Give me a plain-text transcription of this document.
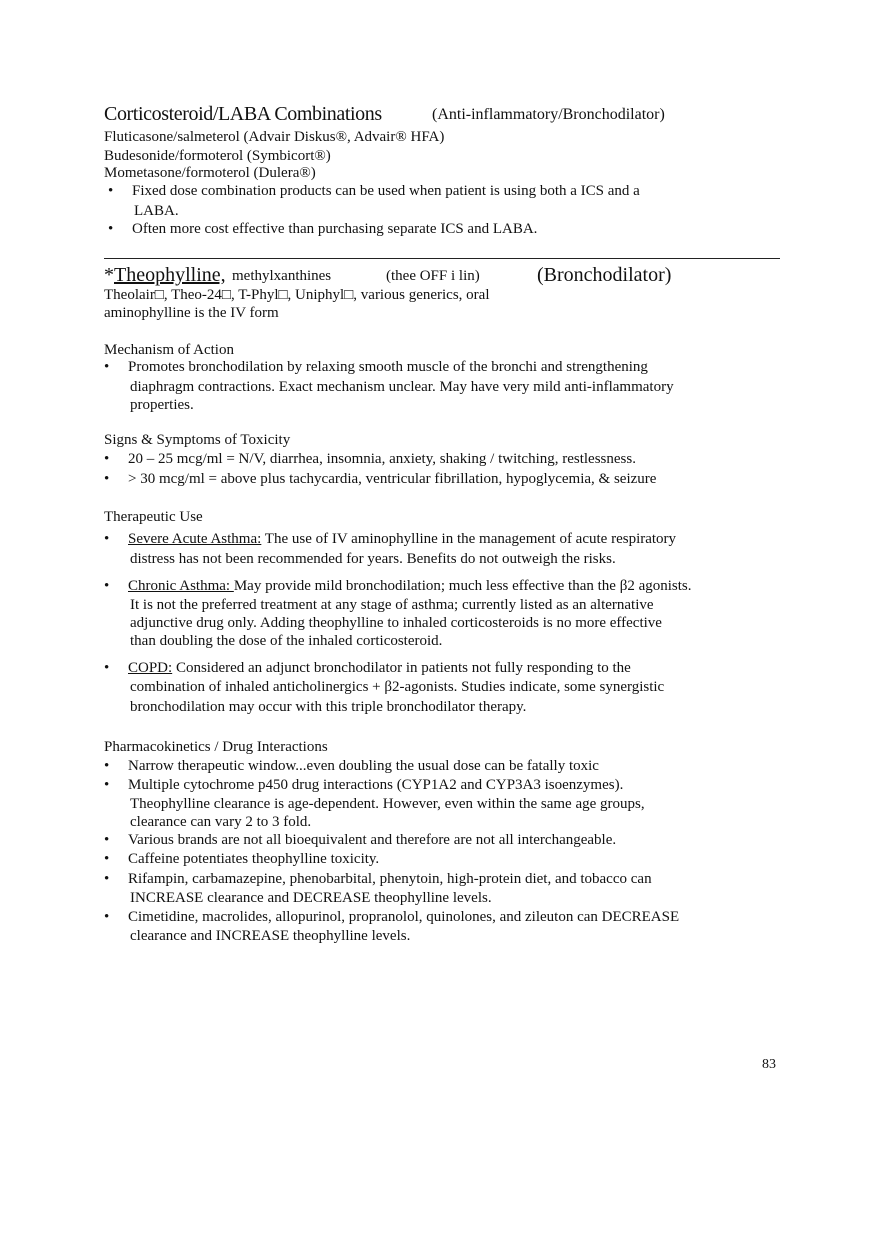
Corticosteroid/LABA Combinations	(Anti-inflammatory/Bronchodilator)
Fluticasone/salmeterol (Advair Diskus®, Advair® HFA)
Budesonide/formoterol (Symbicort®)
Mometasone/formoterol (Dulera®)
• Fixed dose combination products can be used when patient is using both a ICS and a
LABA.
• Often more cost effective than purchasing separate ICS and LABA.
* Theophylline, methylxanthines	(thee OFF i lin)	(Bronchodilator)
Theolair□, Theo-24□, T-Phyl□, Uniphyl□, various generics, oral
aminophylline is the IV form
Mechanism of Action
• Promotes bronchodilation by relaxing smooth muscle of the bronchi and strengthening
diaphragm contractions. Exact mechanism unclear. May have very mild anti-inflammatory
properties.
Signs & Symptoms of Toxicity
• 20 – 25 mcg/ml = N/V, diarrhea, insomnia, anxiety, shaking / twitching, restlessness.
• > 30 mcg/ml = above plus tachycardia, ventricular fibrillation, hypoglycemia, & seizure
Therapeutic Use
• Severe Acute Asthma: The use of IV aminophylline in the management of acute respiratory
distress has not been recommended for years. Benefits do not outweigh the risks.
• Chronic Asthma: May provide mild bronchodilation; much less effective than the β2 agonists.
It is not the preferred treatment at any stage of asthma; currently listed as an alternative
adjunctive drug only. Adding theophylline to inhaled corticosteroids is no more effective
than doubling the dose of the inhaled corticosteroid.
• COPD: Considered an adjunct bronchodilator in patients not fully responding to the
combination of inhaled anticholinergics + β2-agonists. Studies indicate, some synergistic
bronchodilation may occur with this triple bronchodilator therapy.
Pharmacokinetics / Drug Interactions
• Narrow therapeutic window...even doubling the usual dose can be fatally toxic
• Multiple cytochrome p450 drug interactions (CYP1A2 and CYP3A3 isoenzymes).
Theophylline clearance is age-dependent. However, even within the same age groups,
clearance can vary 2 to 3 fold.
• Various brands are not all bioequivalent and therefore are not all interchangeable.
• Caffeine potentiates theophylline toxicity.
• Rifampin, carbamazepine, phenobarbital, phenytoin, high-protein diet, and tobacco can
INCREASE clearance and DECREASE theophylline levels.
• Cimetidine, macrolides, allopurinol, propranolol, quinolones, and zileuton can DECREASE
clearance and INCREASE theophylline levels.
83
